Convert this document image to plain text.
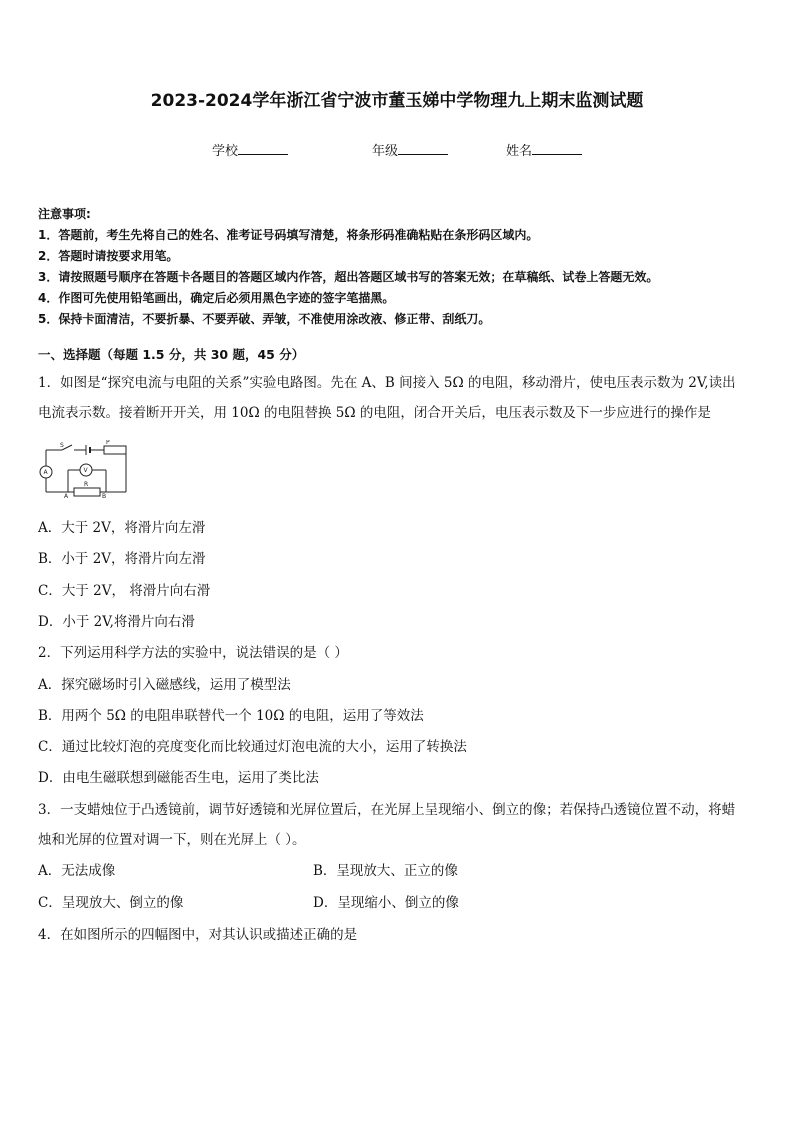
2023-2024学年浙江省宁波市董玉娣中学物理九上期末监测试题
学校	年级	姓名
注意事项:
1．答题前，考生先将自己的姓名、准考证号码填写清楚，将条形码准确粘贴在条形码区域内。
2．答题时请按要求用笔。
3．请按照题号顺序在答题卡各题目的答题区域内作答，超出答题区域书写的答案无效；在草稿纸、试卷上答题无效。
4．作图可先使用铅笔画出，确定后必须用黑色字迹的签字笔描黑。
5．保持卡面清洁，不要折暴、不要弄破、弄皱，不准使用涂改液、修正带、刮纸刀。
一、选择题（每题 1.5 分，共 30 题，45 分）
1．如图是“探究电流与电阻的关系”实验电路图。先在 A、B 间接入 5Ω 的电阻，移动滑片，使电压表示数为 2V,读出
电流表示数。接着断开开关，用 10Ω 的电阻替换 5Ω 的电阻，闭合开关后，电压表示数及下一步应进行的操作是
S	P
A	V
R
A	B
A．大于 2V，将滑片向左滑
B．小于 2V，将滑片向左滑
C．大于 2V， 将滑片向右滑
D．小于 2V,将滑片向右滑
2．下列运用科学方法的实验中，说法错误的是（ ）
A．探究磁场时引入磁感线，运用了模型法
B．用两个 5Ω 的电阻串联替代一个 10Ω 的电阻，运用了等效法
C．通过比较灯泡的亮度变化而比较通过灯泡电流的大小，运用了转换法
D．由电生磁联想到磁能否生电，运用了类比法
3．一支蜡烛位于凸透镜前，调节好透镜和光屏位置后，在光屏上呈现缩小、倒立的像；若保持凸透镜位置不动，将蜡
烛和光屏的位置对调一下，则在光屏上（ ）。
A．无法成像	B．呈现放大、正立的像
C．呈现放大、倒立的像	D．呈现缩小、倒立的像
4．在如图所示的四幅图中，对其认识或描述正确的是
